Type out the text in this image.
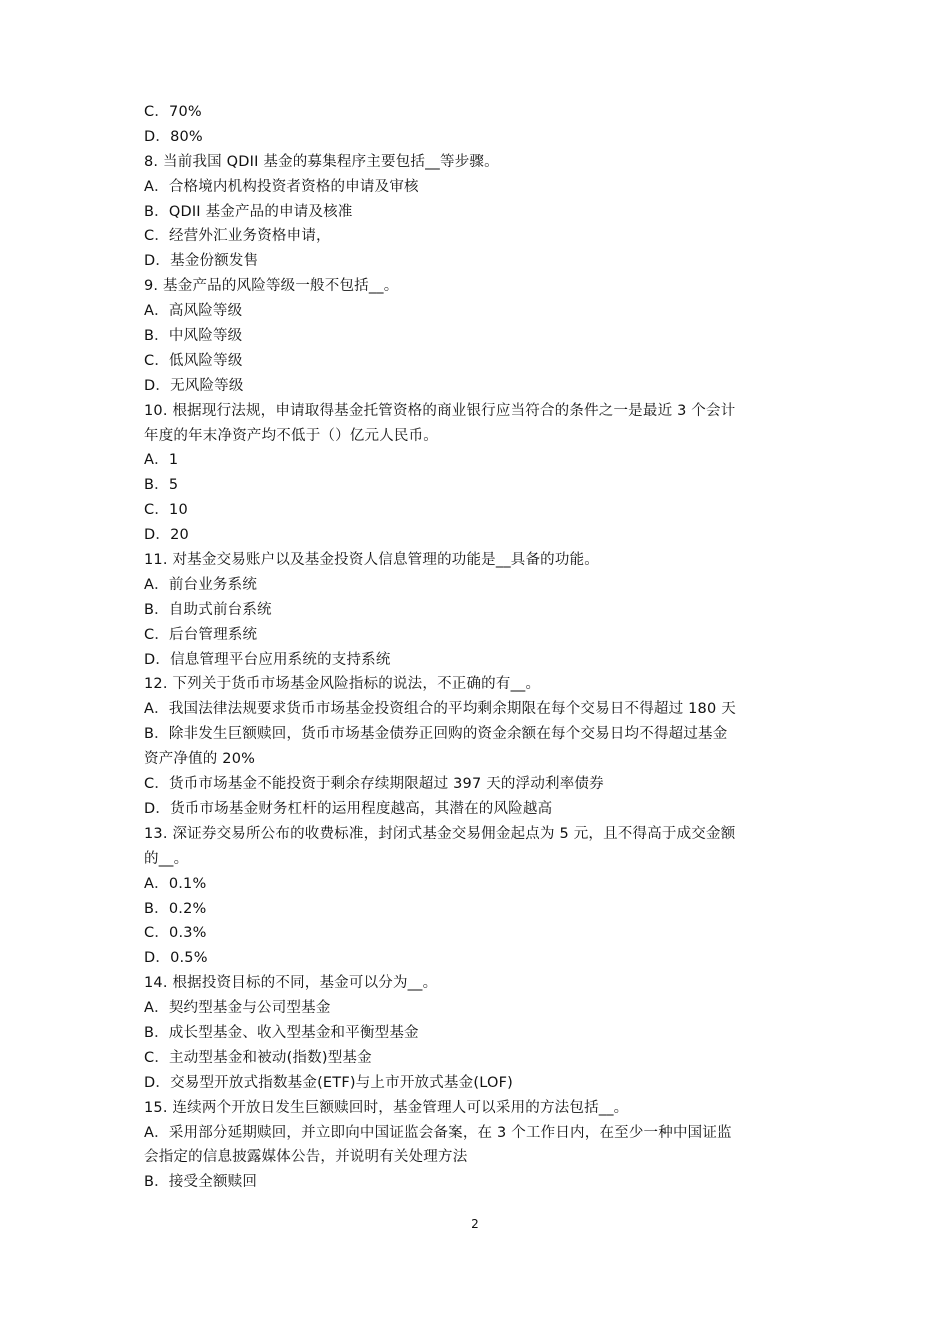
C．70%
D．80%
8. 当前我国 QDII 基金的募集程序主要包括__等步骤。
A．合格境内机构投资者资格的申请及审核
B．QDII 基金产品的申请及核准
C．经营外汇业务资格申请，
D．基金份额发售
9. 基金产品的风险等级一般不包括__。
A．高风险等级
B．中风险等级
C．低风险等级
D．无风险等级
10. 根据现行法规，申请取得基金托管资格的商业银行应当符合的条件之一是最近 3 个会计
年度的年末净资产均不低于（）亿元人民币。
A．1
B．5
C．10
D．20
11. 对基金交易账户以及基金投资人信息管理的功能是__具备的功能。
A．前台业务系统
B．自助式前台系统
C．后台管理系统
D．信息管理平台应用系统的支持系统
12. 下列关于货币市场基金风险指标的说法，不正确的有__。
A．我国法律法规要求货币市场基金投资组合的平均剩余期限在每个交易日不得超过 180 天
B．除非发生巨额赎回，货币市场基金债券正回购的资金余额在每个交易日均不得超过基金
资产净值的 20%
C．货币市场基金不能投资于剩余存续期限超过 397 天的浮动利率债券
D．货币市场基金财务杠杆的运用程度越高，其潜在的风险越高
13. 深证券交易所公布的收费标准，封闭式基金交易佣金起点为 5 元，且不得高于成交金额
的__。
A．0.1%
B．0.2%
C．0.3%
D．0.5%
14. 根据投资目标的不同，基金可以分为__。
A．契约型基金与公司型基金
B．成长型基金、收入型基金和平衡型基金
C．主动型基金和被动(指数)型基金
D．交易型开放式指数基金(ETF)与上市开放式基金(LOF)
15. 连续两个开放日发生巨额赎回时，基金管理人可以采用的方法包括__。
A．采用部分延期赎回，并立即向中国证监会备案，在 3 个工作日内，在至少一种中国证监
会指定的信息披露媒体公告，并说明有关处理方法
B．接受全额赎回
2
